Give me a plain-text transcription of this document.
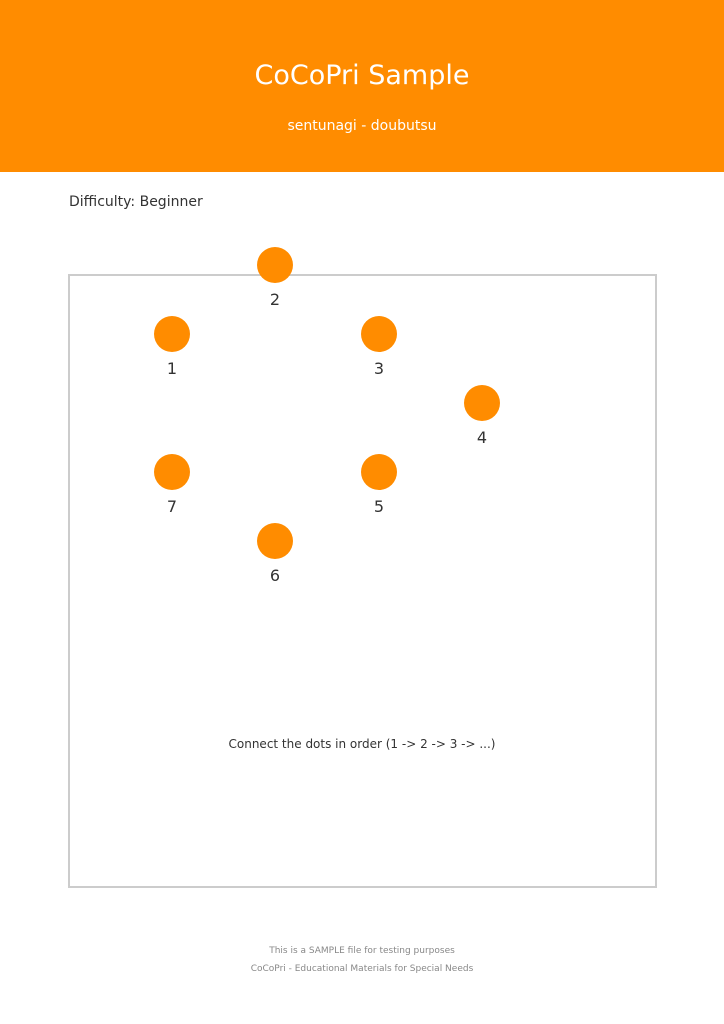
CoCoPri Sample
sentunagi - doubutsu
Difficulty: Beginner
1
2
3
4
5
6
7
Connect the dots in order (1 -> 2 -> 3 -> ...)
This is a SAMPLE file for testing purposes
CoCoPri - Educational Materials for Special Needs
